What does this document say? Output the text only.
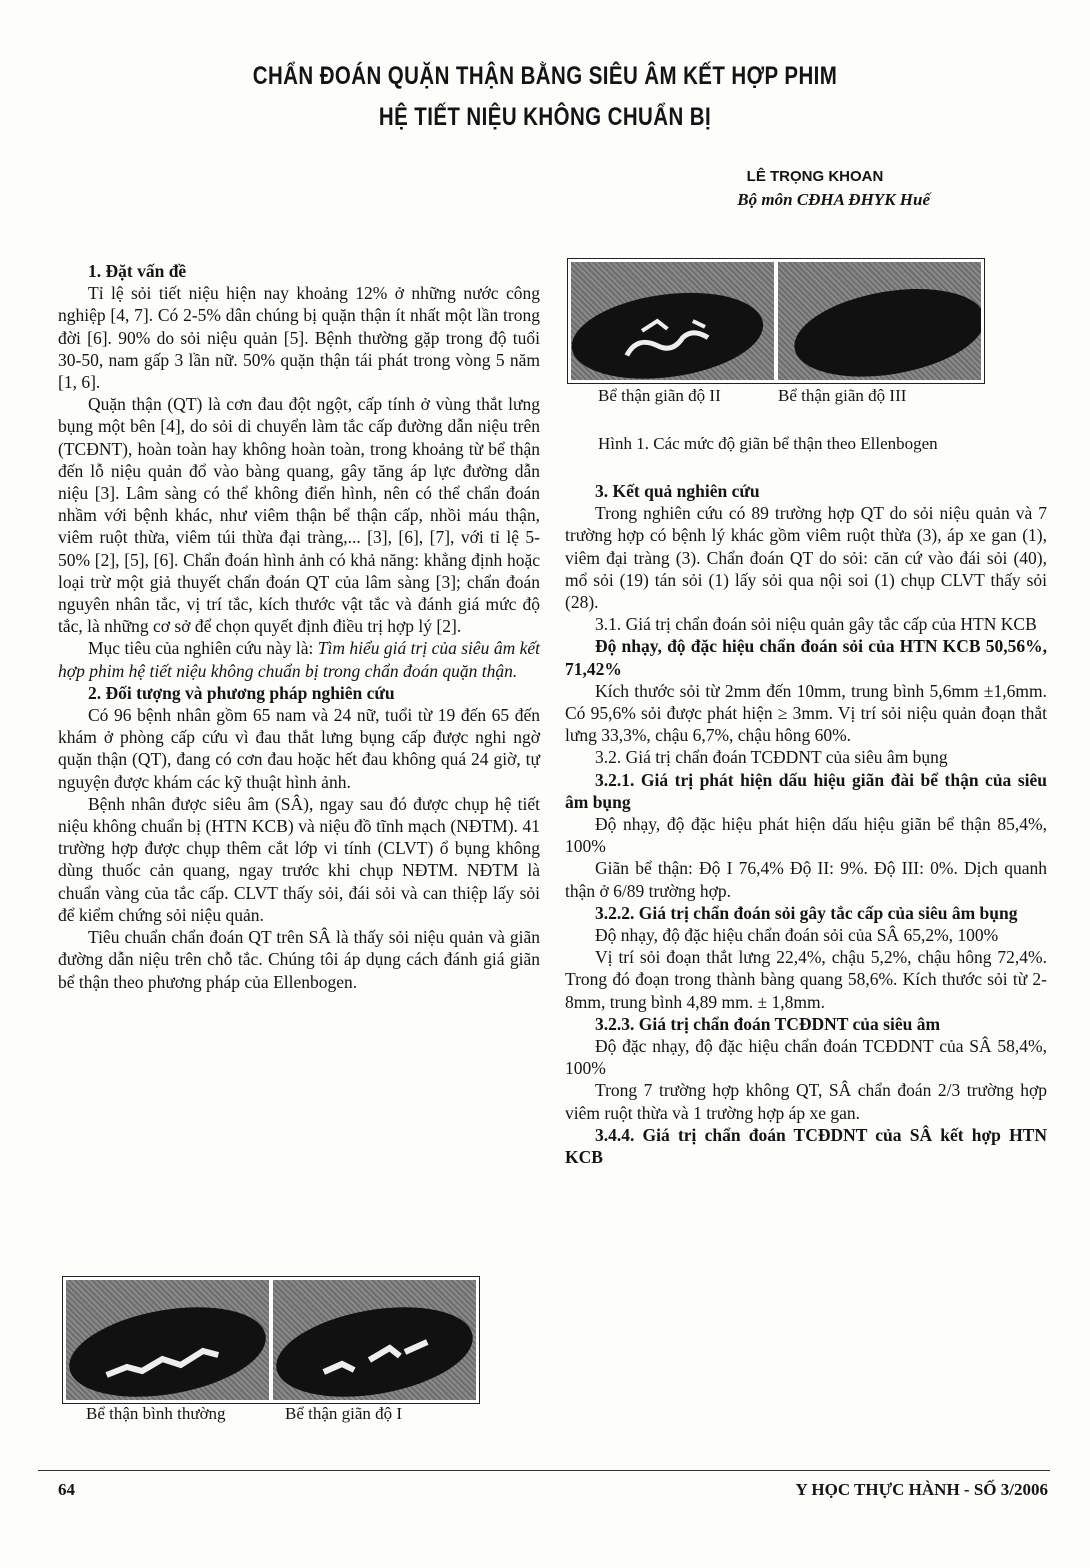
CHẨN ĐOÁN QUẶN THẬN BẰNG SIÊU ÂM KẾT HỢP PHIM
HỆ TIẾT NIỆU KHÔNG CHUẨN BỊ
LÊ TRỌNG KHOAN
Bộ môn CĐHA ĐHYK Huế
1. Đặt vấn đề

Tỉ lệ sỏi tiết niệu hiện nay khoảng 12% ở những nước công nghiệp [4, 7]. Có 2-5% dân chúng bị quặn thận ít nhất một lần trong đời [6]. 90% do sỏi niệu quản [5]. Bệnh thường gặp trong độ tuổi 30-50, nam gấp 3 lần nữ. 50% quặn thận tái phát trong vòng 5 năm [1, 6].

Quặn thận (QT) là cơn đau đột ngột, cấp tính ở vùng thắt lưng bụng một bên [4], do sỏi di chuyển làm tắc cấp đường dẫn niệu trên (TCĐNT), hoàn toàn hay không hoàn toàn, trong khoảng từ bể thận đến lỗ niệu quản đổ vào bàng quang, gây tăng áp lực đường dẫn niệu [3]. Lâm sàng có thể không điển hình, nên có thể chẩn đoán nhầm với bệnh khác, như viêm thận bể thận cấp, nhồi máu thận, viêm ruột thừa, viêm túi thừa đại tràng,... [3], [6], [7], với tỉ lệ 5-50% [2], [5], [6]. Chẩn đoán hình ảnh có khả năng: khẳng định hoặc loại trừ một giả thuyết chẩn đoán QT của lâm sàng [3]; chẩn đoán nguyên nhân tắc, vị trí tắc, kích thước vật tắc và đánh giá mức độ tắc, là những cơ sở để chọn quyết định điều trị hợp lý [2].

Mục tiêu của nghiên cứu này là: Tìm hiểu giá trị của siêu âm kết hợp phim hệ tiết niệu không chuẩn bị trong chẩn đoán quặn thận.

2. Đối tượng và phương pháp nghiên cứu

Có 96 bệnh nhân gồm 65 nam và 24 nữ, tuổi từ 19 đến 65 đến khám ở phòng cấp cứu vì đau thắt lưng bụng cấp được nghi ngờ quặn thận (QT), đang có cơn đau hoặc hết đau không quá 24 giờ, tự nguyện được khám các kỹ thuật hình ảnh.

Bệnh nhân được siêu âm (SÂ), ngay sau đó được chụp hệ tiết niệu không chuẩn bị (HTN KCB) và niệu đồ tĩnh mạch (NĐTM). 41 trường hợp được chụp thêm cắt lớp vi tính (CLVT) ổ bụng không dùng thuốc cản quang, ngay trước khi chụp NĐTM. NĐTM là chuẩn vàng của tắc cấp. CLVT thấy sỏi, đái sỏi và can thiệp lấy sỏi để kiểm chứng sỏi niệu quản.

Tiêu chuẩn chẩn đoán QT trên SÂ là thấy sỏi niệu quản và giãn đường dẫn niệu trên chỗ tắc. Chúng tôi áp dụng cách đánh giá giãn bể thận theo phương pháp của Ellenbogen.

Bể thận giãn độ II	Bể thận giãn độ III
Hình 1. Các mức độ giãn bể thận theo Ellenbogen
3. Kết quả nghiên cứu

Trong nghiên cứu có 89 trường hợp QT do sỏi niệu quản và 7 trường hợp có bệnh lý khác gồm viêm ruột thừa (3), áp xe gan (1), viêm đại tràng (3). Chẩn đoán QT do sỏi: căn cứ vào đái sỏi (40), mổ sỏi (19) tán sỏi (1) lấy sỏi qua nội soi (1) chụp CLVT thấy sỏi (28).

3.1. Giá trị chẩn đoán sỏi niệu quản gây tắc cấp của HTN KCB

Độ nhạy, độ đặc hiệu chẩn đoán sỏi của HTN KCB 50,56%, 71,42%

Kích thước sỏi từ 2mm đến 10mm, trung bình 5,6mm ±1,6mm. Có 95,6% sỏi được phát hiện ≥ 3mm. Vị trí sỏi niệu quản đoạn thắt lưng 33,3%, chậu 6,7%, chậu hông 60%.

3.2. Giá trị chẩn đoán TCĐDNT của siêu âm bụng

3.2.1. Giá trị phát hiện dấu hiệu giãn đài bể thận của siêu âm bụng

Độ nhạy, độ đặc hiệu phát hiện dấu hiệu giãn bể thận 85,4%, 100%

Giãn bể thận: Độ I 76,4% Độ II: 9%. Độ III: 0%. Dịch quanh thận ở 6/89 trường hợp.

3.2.2. Giá trị chẩn đoán sỏi gây tắc cấp của siêu âm bụng

Độ nhạy, độ đặc hiệu chẩn đoán sỏi của SÂ 65,2%, 100%

Vị trí sỏi đoạn thắt lưng 22,4%, chậu 5,2%, chậu hông 72,4%. Trong đó đoạn trong thành bàng quang 58,6%. Kích thước sỏi từ 2-8mm, trung bình 4,89 mm. ± 1,8mm.

3.2.3. Giá trị chẩn đoán TCĐDNT của siêu âm

Độ đặc nhạy, độ đặc hiệu chẩn đoán TCĐDNT của SÂ 58,4%, 100%

Trong 7 trường hợp không QT, SÂ chẩn đoán 2/3 trường hợp viêm ruột thừa và 1 trường hợp áp xe gan.

3.4.4. Giá trị chẩn đoán TCĐDNT của SÂ kết hợp HTN KCB

Bể thận bình thường	Bể thận giãn độ I
64	Y HỌC THỰC HÀNH - SỐ 3/2006
